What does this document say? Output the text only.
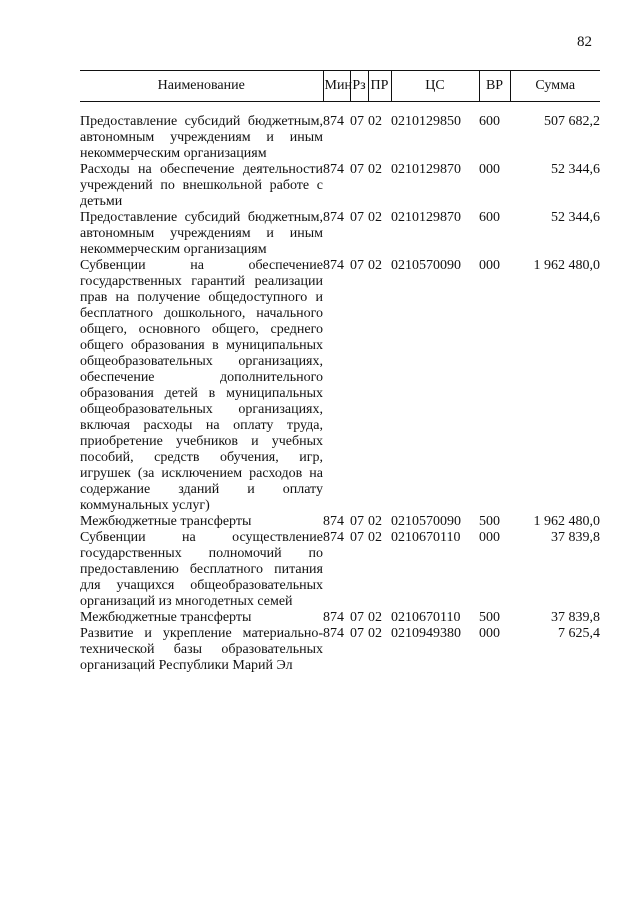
82
Наименование	Мин	Рз	ПР	ЦС	ВР	Сумма

Предоставление субсидий бюджетным, автономным учреждениям и иным некоммерческим организациям	874	07	02	0210129850	600	507 682,2
Расходы на обеспечение деятельности учреждений по внешкольной работе с детьми	874	07	02	0210129870	000	52 344,6
Предоставление субсидий бюджетным, автономным учреждениям и иным некоммерческим организациям	874	07	02	0210129870	600	52 344,6
Субвенции на обеспечение государственных гарантий реализации прав на получение общедоступного и бесплатного дошкольного, начального общего, основного общего, среднего общего образования в муниципальных общеобразовательных организациях, обеспечение дополнительного образования детей в муниципальных общеобразовательных организациях, включая расходы на оплату труда, приобретение учебников и учебных пособий, средств обучения, игр, игрушек (за исключением расходов на содержание зданий и оплату коммунальных услуг)	874	07	02	0210570090	000	1 962 480,0
Межбюджетные трансферты	874	07	02	0210570090	500	1 962 480,0
Субвенции на осуществление государственных полномочий по предоставлению бесплатного питания для учащихся общеобразовательных организаций из многодетных семей	874	07	02	0210670110	000	37 839,8
Межбюджетные трансферты	874	07	02	0210670110	500	37 839,8
Развитие и укрепление материально-технической базы образовательных организаций Республики Марий Эл	874	07	02	0210949380	000	7 625,4
